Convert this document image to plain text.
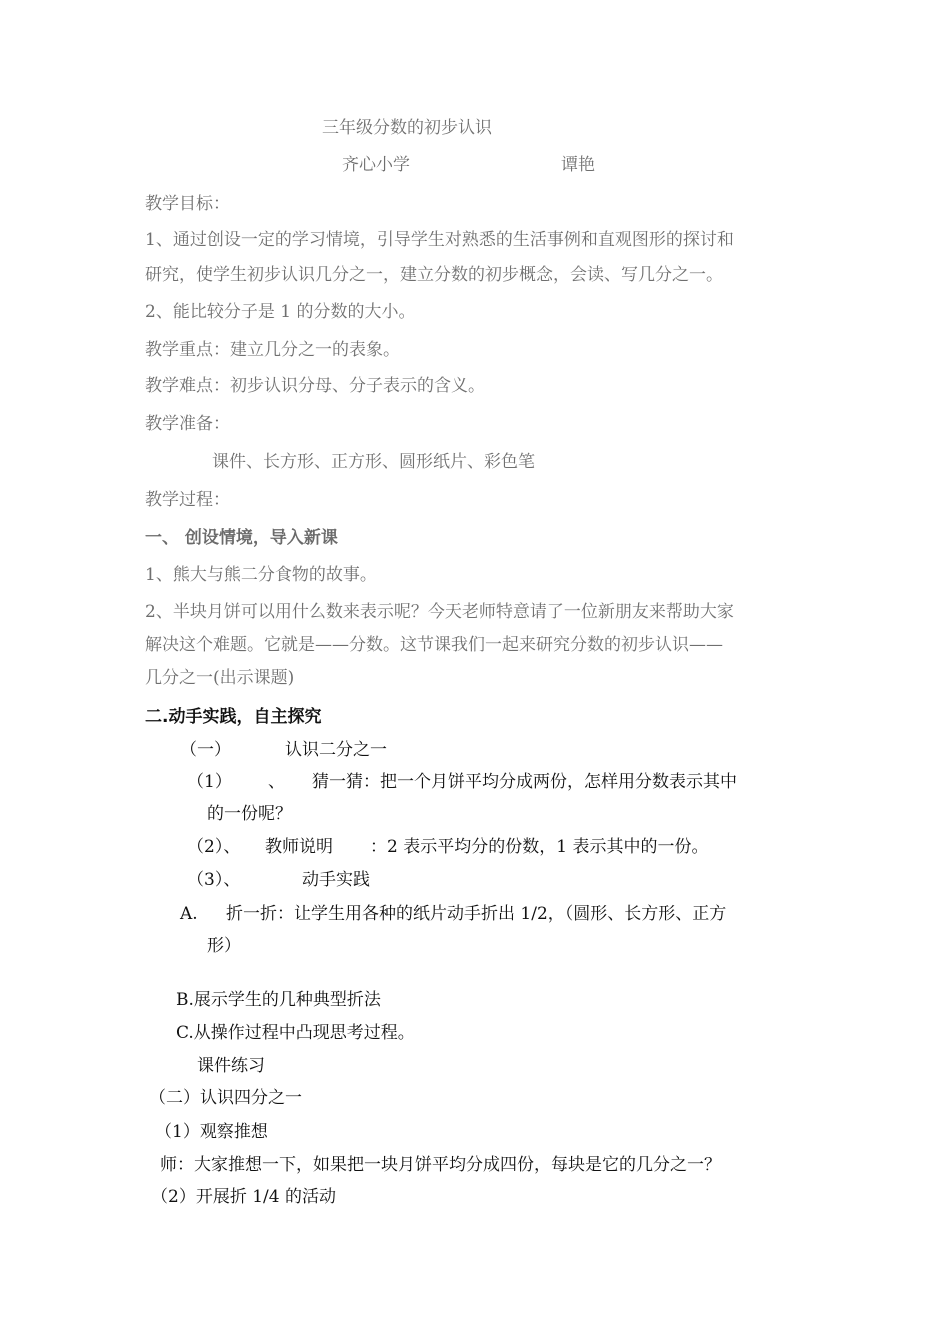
三年级分数的初步认识
齐心小学	谭艳
教学目标：
1、通过创设一定的学习情境，引导学生对熟悉的生活事例和直观图形的探讨和
研究，使学生初步认识几分之一，建立分数的初步概念，会读、写几分之一。
2、能比较分子是 1 的分数的大小。
教学重点：建立几分之一的表象。
教学难点：初步认识分母、分子表示的含义。
教学准备：
课件、长方形、正方形、圆形纸片、彩色笔
教学过程：
一、 创设情境，导入新课
1、熊大与熊二分食物的故事。
2、半块月饼可以用什么数来表示呢？今天老师特意请了一位新朋友来帮助大家
解决这个难题。它就是——分数。这节课我们一起来研究分数的初步认识——
几分之一(出示课题)
二.动手实践，自主探究
（一）	认识二分之一
（1） 、 猜一猜：把一个月饼平均分成两份，怎样用分数表示其中
的一份呢？
（2）、 教师说明 ：2 表示平均分的份数，1 表示其中的一份。
（3）、	动手实践
A. 折一折：让学生用各种的纸片动手折出 1/2，（圆形、长方形、正方
形）
B.展示学生的几种典型折法
C.从操作过程中凸现思考过程。
课件练习
（二）认识四分之一
（1）观察推想
师：大家推想一下，如果把一块月饼平均分成四份，每块是它的几分之一？
（2）开展折 1/4 的活动
